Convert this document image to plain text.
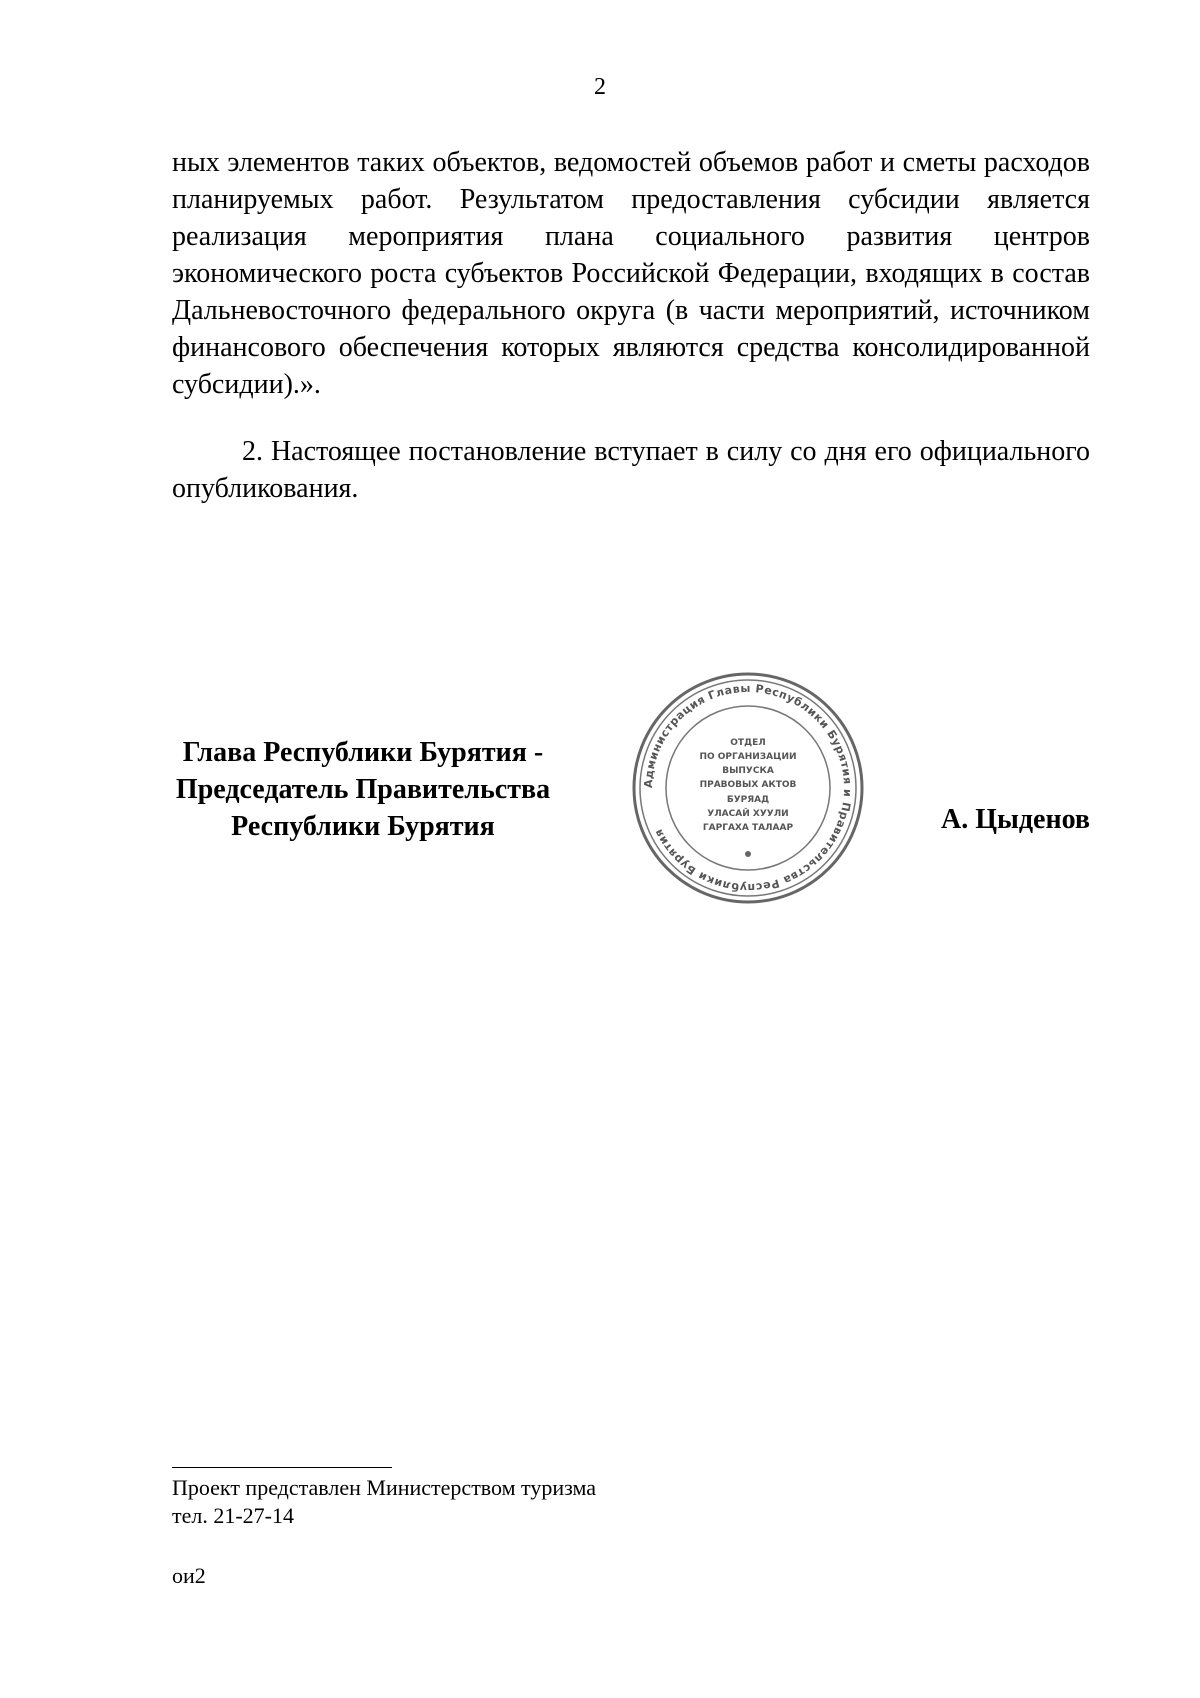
2

ных элементов таких объектов, ведомостей объемов работ и сметы расходов планируемых работ. Результатом предоставления субсидии является реализация мероприятия плана социального развития центров экономического роста субъектов Российской Федерации, входящих в состав Дальневосточного федерального округа (в части мероприятий, источником финансового обеспечения которых являются средства консолидированной субсидии).».

2. Настоящее постановление вступает в силу со дня его официального опубликования.

Глава Республики Бурятия -
Председатель Правительства
Республики Бурятия
Администрация Главы Республики Бурятия и Правительства Республики Бурятия
ОТДЕЛ
ПО ОРГАНИЗАЦИИ
ВЫПУСКА
ПРАВОВЫХ АКТОВ
БУРЯАД
УЛАСАЙ ХУУЛИ
ГАРГАХА ТАЛААР	А. Цыденов
Проект представлен Министерством туризма
тел. 21-27-14
ои2
